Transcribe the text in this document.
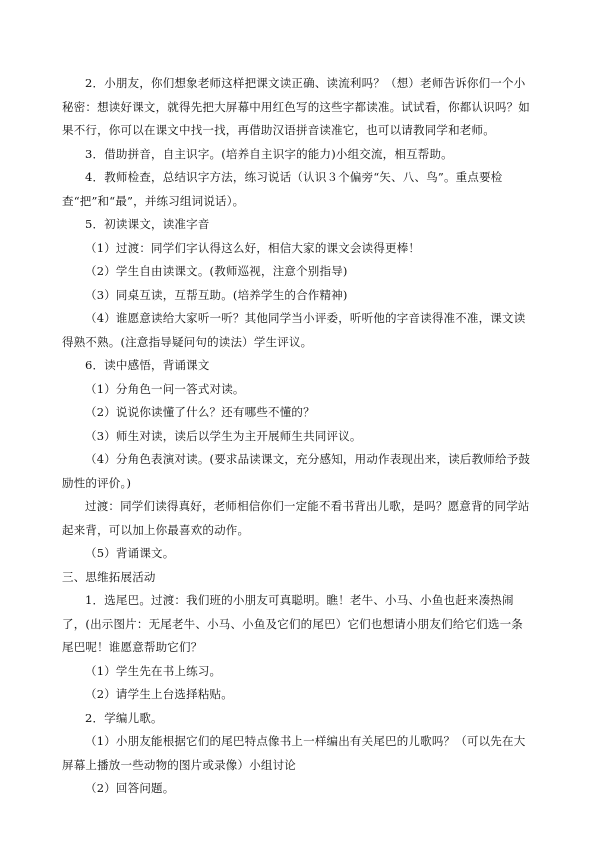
2．小朋友，你们想象老师这样把课文读正确、读流利吗？（想）老师告诉你们一个小秘密：想读好课文，就得先把大屏幕中用红色写的这些字都读准。试试看，你都认识吗？如果不行，你可以在课文中找一找，再借助汉语拼音读准它，也可以请教同学和老师。

3．借助拼音，自主识字。(培养自主识字的能力)小组交流，相互帮助。

4．教师检查，总结识字方法，练习说话（认识３个偏旁“矢、八、鸟”。重点要检查“把”和“最”，并练习组词说话）。

5．初读课文，读准字音

（1）过渡：同学们字认得这么好，相信大家的课文会读得更棒！

（2）学生自由读课文。(教师巡视，注意个别指导)

（3）同桌互读，互帮互助。(培养学生的合作精神)

（4）谁愿意读给大家听一听？其他同学当小评委，听听他的字音读得准不准，课文读得熟不熟。(注意指导疑问句的读法）学生评议。

6．读中感悟，背诵课文

（1）分角色一问一答式对读。

（2）说说你读懂了什么？还有哪些不懂的？

（3）师生对读，读后以学生为主开展师生共同评议。

（4）分角色表演对读。(要求品读课文，充分感知，用动作表现出来，读后教师给予鼓励性的评价。)

过渡：同学们读得真好，老师相信你们一定能不看书背出儿歌，是吗？愿意背的同学站起来背，可以加上你最喜欢的动作。

（5）背诵课文。

三、思维拓展活动

1．选尾巴。过渡：我们班的小朋友可真聪明。瞧！老牛、小马、小鱼也赶来凑热闹了，(出示图片：无尾老牛、小马、小鱼及它们的尾巴）它们也想请小朋友们给它们选一条尾巴呢！谁愿意帮助它们？

（1）学生先在书上练习。

（2）请学生上台选择粘贴。

2．学编儿歌。

（1）小朋友能根据它们的尾巴特点像书上一样编出有关尾巴的儿歌吗？（可以先在大屏幕上播放一些动物的图片或录像）小组讨论

（2）回答问题。
